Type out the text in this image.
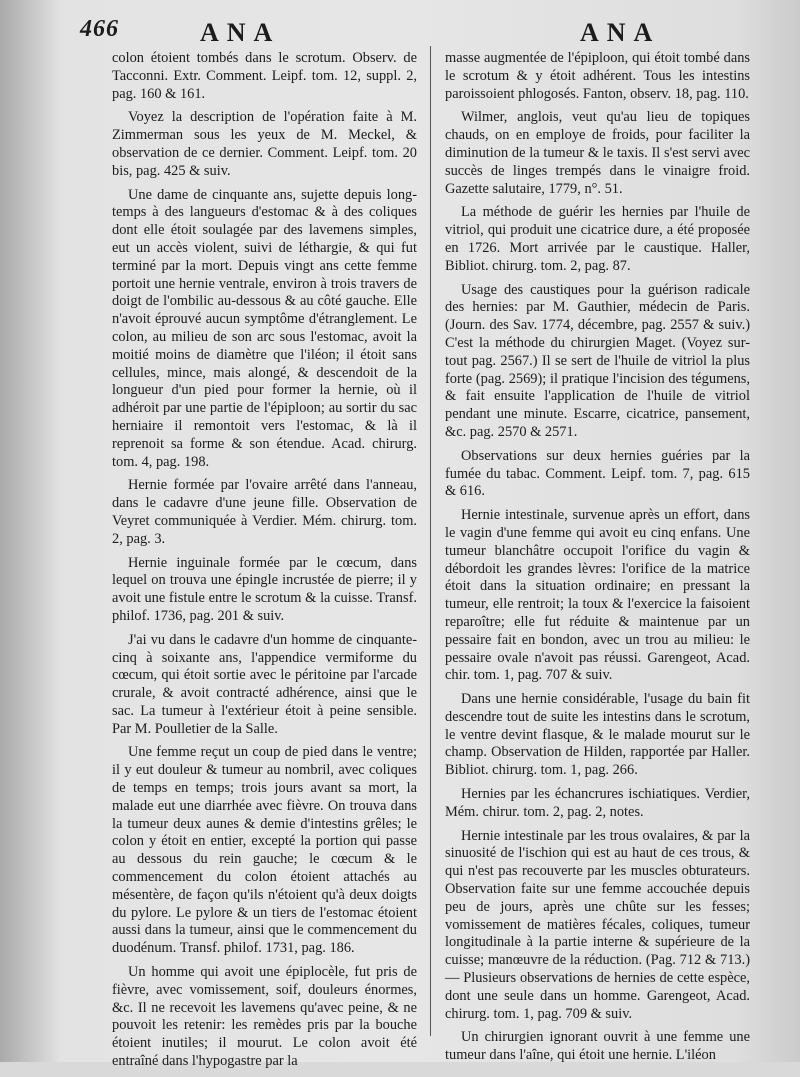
466	ANA	ANA

colon étoient tombés dans le scrotum. Observ. de Tacconni. Extr. Comment. Leipf. tom. 12, suppl. 2, pag. 160 & 161.

Voyez la description de l'opération faite à M. Zimmerman sous les yeux de M. Meckel, & observation de ce dernier. Comment. Leipf. tom. 20 bis, pag. 425 & suiv.

Une dame de cinquante ans, sujette depuis long-temps à des langueurs d'estomac & à des coliques dont elle étoit soulagée par des lavemens simples, eut un accès violent, suivi de léthargie, & qui fut terminé par la mort. Depuis vingt ans cette femme portoit une hernie ventrale, environ à trois travers de doigt de l'ombilic au-dessous & au côté gauche. Elle n'avoit éprouvé aucun symptôme d'étranglement. Le colon, au milieu de son arc sous l'estomac, avoit la moitié moins de diamètre que l'iléon; il étoit sans cellules, mince, mais alongé, & descendoit de la longueur d'un pied pour former la hernie, où il adhéroit par une partie de l'épiploon; au sortir du sac herniaire il remontoit vers l'estomac, & là il reprenoit sa forme & son étendue. Acad. chirurg. tom. 4, pag. 198.

Hernie formée par l'ovaire arrêté dans l'anneau, dans le cadavre d'une jeune fille. Observation de Veyret communiquée à Verdier. Mém. chirurg. tom. 2, pag. 3.

Hernie inguinale formée par le cœcum, dans lequel on trouva une épingle incrustée de pierre; il y avoit une fistule entre le scrotum & la cuisse. Transf. philof. 1736, pag. 201 & suiv.

J'ai vu dans le cadavre d'un homme de cinquante-cinq à soixante ans, l'appendice vermiforme du cœcum, qui étoit sortie avec le péritoine par l'arcade crurale, & avoit contracté adhérence, ainsi que le sac. La tumeur à l'extérieur étoit à peine sensible. Par M. Poulletier de la Salle.

Une femme reçut un coup de pied dans le ventre; il y eut douleur & tumeur au nombril, avec coliques de temps en temps; trois jours avant sa mort, la malade eut une diarrhée avec fièvre. On trouva dans la tumeur deux aunes & demie d'intestins grêles; le colon y étoit en entier, excepté la portion qui passe au dessous du rein gauche; le cœcum & le commencement du colon étoient attachés au mésentère, de façon qu'ils n'étoient qu'à deux doigts du pylore. Le pylore & un tiers de l'estomac étoient aussi dans la tumeur, ainsi que le commencement du duodénum. Transf. philof. 1731, pag. 186.

Un homme qui avoit une épiplocèle, fut pris de fièvre, avec vomissement, soif, douleurs énormes, &c. Il ne recevoit les lavemens qu'avec peine, & ne pouvoit les retenir: les remèdes pris par la bouche étoient inutiles; il mourut. Le colon avoit été entraîné dans l'hypogastre par la

masse augmentée de l'épiploon, qui étoit tombé dans le scrotum & y étoit adhérent. Tous les intestins paroissoient phlogosés. Fanton, observ. 18, pag. 110.

Wilmer, anglois, veut qu'au lieu de topiques chauds, on en employe de froids, pour faciliter la diminution de la tumeur & le taxis. Il s'est servi avec succès de linges trempés dans le vinaigre froid. Gazette salutaire, 1779, n°. 51.

La méthode de guérir les hernies par l'huile de vitriol, qui produit une cicatrice dure, a été proposée en 1726. Mort arrivée par le caustique. Haller, Bibliot. chirurg. tom. 2, pag. 87.

Usage des caustiques pour la guérison radicale des hernies: par M. Gauthier, médecin de Paris. (Journ. des Sav. 1774, décembre, pag. 2557 & suiv.) C'est la méthode du chirurgien Maget. (Voyez sur-tout pag. 2567.) Il se sert de l'huile de vitriol la plus forte (pag. 2569); il pratique l'incision des tégumens, & fait ensuite l'application de l'huile de vitriol pendant une minute. Escarre, cicatrice, pansement, &c. pag. 2570 & 2571.

Observations sur deux hernies guéries par la fumée du tabac. Comment. Leipf. tom. 7, pag. 615 & 616.

Hernie intestinale, survenue après un effort, dans le vagin d'une femme qui avoit eu cinq enfans. Une tumeur blanchâtre occupoit l'orifice du vagin & débordoit les grandes lèvres: l'orifice de la matrice étoit dans la situation ordinaire; en pressant la tumeur, elle rentroit; la toux & l'exercice la faisoient reparoître; elle fut réduite & maintenue par un pessaire fait en bondon, avec un trou au milieu: le pessaire ovale n'avoit pas réussi. Garengeot, Acad. chir. tom. 1, pag. 707 & suiv.

Dans une hernie considérable, l'usage du bain fit descendre tout de suite les intestins dans le scrotum, le ventre devint flasque, & le malade mourut sur le champ. Observation de Hilden, rapportée par Haller. Bibliot. chirurg. tom. 1, pag. 266.

Hernies par les échancrures ischiatiques. Verdier, Mém. chirur. tom. 2, pag. 2, notes.

Hernie intestinale par les trous ovalaires, & par la sinuosité de l'ischion qui est au haut de ces trous, & qui n'est pas recouverte par les muscles obturateurs. Observation faite sur une femme accouchée depuis peu de jours, après une chûte sur les fesses; vomissement de matières fécales, coliques, tumeur longitudinale à la partie interne & supérieure de la cuisse; manœuvre de la réduction. (Pag. 712 & 713.) — Plusieurs observations de hernies de cette espèce, dont une seule dans un homme. Garengeot, Acad. chirurg. tom. 1, pag. 709 & suiv.

Un chirurgien ignorant ouvrit à une femme une tumeur dans l'aîne, qui étoit une hernie. L'iléon
